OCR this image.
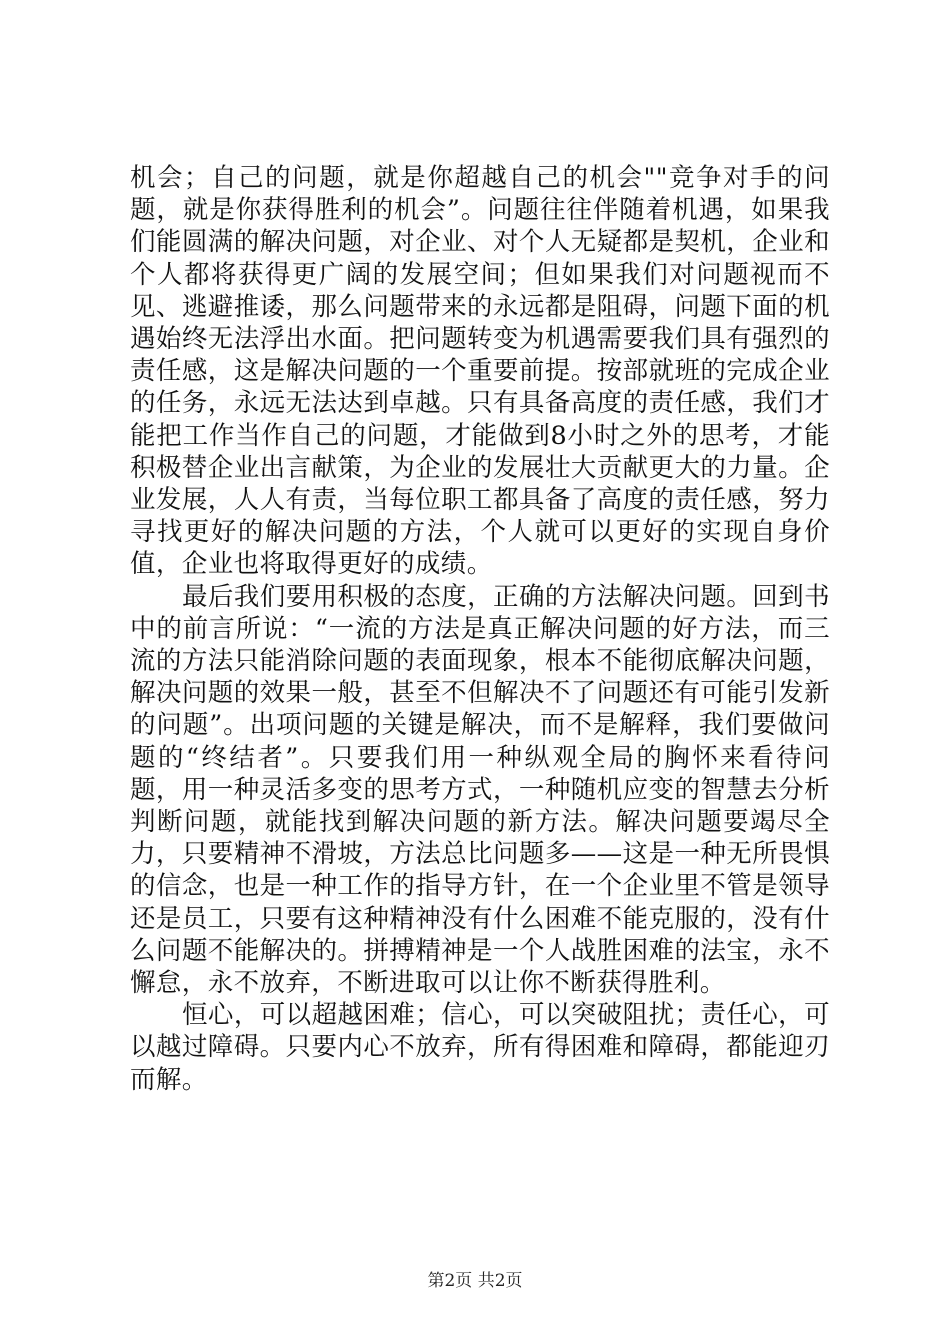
机会；自己的问题，就是你超越自己的机会""竞争对手的问题，就是你获得胜利的机会”。问题往往伴随着机遇，如果我们能圆满的解决问题，对企业、对个人无疑都是契机，企业和个人都将获得更广阔的发展空间；但如果我们对问题视而不见、逃避推诿，那么问题带来的永远都是阻碍，问题下面的机遇始终无法浮出水面。把问题转变为机遇需要我们具有强烈的责任感，这是解决问题的一个重要前提。按部就班的完成企业的任务，永远无法达到卓越。只有具备高度的责任感，我们才能把工作当作自己的问题，才能做到8小时之外的思考，才能积极替企业出言献策，为企业的发展壮大贡献更大的力量。企业发展，人人有责，当每位职工都具备了高度的责任感，努力寻找更好的解决问题的方法，个人就可以更好的实现自身价值，企业也将取得更好的成绩。

最后我们要用积极的态度，正确的方法解决问题。回到书中的前言所说：“一流的方法是真正解决问题的好方法，而三流的方法只能消除问题的表面现象，根本不能彻底解决问题，解决问题的效果一般，甚至不但解决不了问题还有可能引发新的问题”。出项问题的关键是解决，而不是解释，我们要做问题的“终结者”。只要我们用一种纵观全局的胸怀来看待问题，用一种灵活多变的思考方式，一种随机应变的智慧去分析判断问题，就能找到解决问题的新方法。解决问题要竭尽全力，只要精神不滑坡，方法总比问题多——这是一种无所畏惧的信念，也是一种工作的指导方针，在一个企业里不管是领导还是员工，只要有这种精神没有什么困难不能克服的，没有什么问题不能解决的。拼搏精神是一个人战胜困难的法宝，永不懈怠，永不放弃，不断进取可以让你不断获得胜利。

恒心，可以超越困难；信心，可以突破阻扰；责任心，可以越过障碍。只要内心不放弃，所有得困难和障碍，都能迎刃而解。

第2页 共2页
